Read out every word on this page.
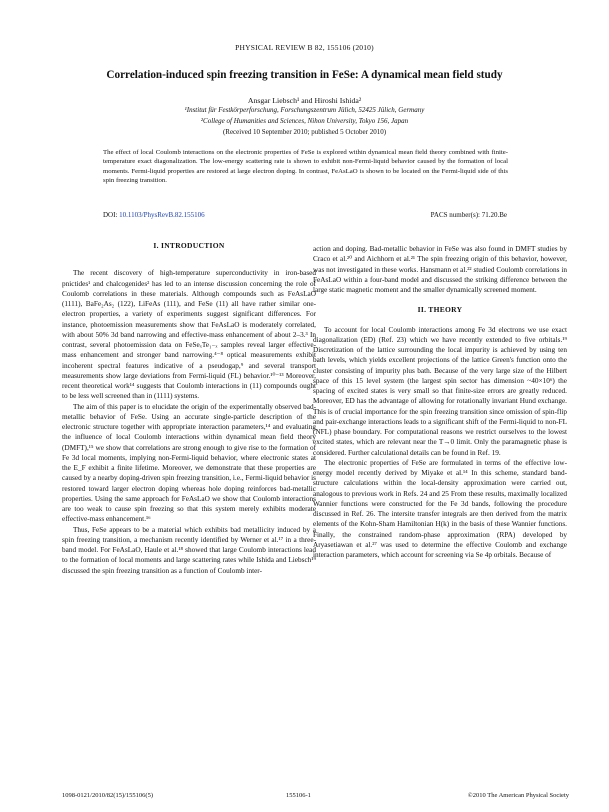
PHYSICAL REVIEW B 82, 155106 (2010)
Correlation-induced spin freezing transition in FeSe: A dynamical mean field study
Ansgar Liebsch¹ and Hiroshi Ishida²
¹Institut für Festkörperforschung, Forschungszentrum Jülich, 52425 Jülich, Germany
²College of Humanities and Sciences, Nihon University, Tokyo 156, Japan
(Received 10 September 2010; published 5 October 2010)
The effect of local Coulomb interactions on the electronic properties of FeSe is explored within dynamical mean field theory combined with finite-temperature exact diagonalization. The low-energy scattering rate is shown to exhibit non-Fermi-liquid behavior caused by the formation of local moments. Fermi-liquid properties are restored at large electron doping. In contrast, FeAsLaO is shown to be located on the Fermi-liquid side of this spin freezing transition.
DOI: 10.1103/PhysRevB.82.155106	PACS number(s): 71.20.Be
I. INTRODUCTION

The recent discovery of high-temperature superconductivity in iron-based pnictides¹ and chalcogenides² has led to an intense discussion concerning the role of Coulomb correlations in these materials. Although compounds such as FeAsLaO (1111), BaFe₂As₂ (122), LiFeAs (111), and FeSe (11) all have rather similar one-electron properties, a variety of experiments suggest significant differences. For instance, photoemission measurements show that FeAsLaO is moderately correlated, with about 50% 3d band narrowing and effective-mass enhancement of about 2–3.³ In contrast, several photoemission data on FeSeₓTe₁₋ₓ samples reveal larger effective-mass enhancement and stronger band narrowing.⁴⁻⁸ optical measurements exhibit incoherent spectral features indicative of a pseudogap,⁹ and several transport measurements show large deviations from Fermi-liquid (FL) behavior.¹⁰⁻¹³ Moreover, recent theoretical work¹⁴ suggests that Coulomb interactions in (11) compounds ought to be less well screened than in (1111) systems.

The aim of this paper is to elucidate the origin of the experimentally observed bad-metallic behavior of FeSe. Using an accurate single-particle description of the electronic structure together with appropriate interaction parameters,¹⁴ and evaluating the influence of local Coulomb interactions within dynamical mean field theory (DMFT),¹⁵ we show that correlations are strong enough to give rise to the formation of Fe 3d local moments, implying non-Fermi-liquid behavior, where electronic states at the E_F exhibit a finite lifetime. Moreover, we demonstrate that these properties are caused by a nearby doping-driven spin freezing transition, i.e., Fermi-liquid behavior is restored toward larger electron doping whereas hole doping reinforces bad-metallic properties. Using the same approach for FeAsLaO we show that Coulomb interactions are too weak to cause spin freezing so that this system merely exhibits moderate effective-mass enhancement.¹⁶

Thus, FeSe appears to be a material which exhibits bad metallicity induced by a spin freezing transition, a mechanism recently identified by Werner et al.¹⁷ in a three-band model. For FeAsLaO, Haule et al.¹⁸ showed that large Coulomb interactions lead to the formation of local moments and large scattering rates while Ishida and Liebsch¹⁹ discussed the spin freezing transition as a function of Coulomb inter-

action and doping. Bad-metallic behavior in FeSe was also found in DMFT studies by Craco et al.²⁰ and Aichhorn et al.²¹ The spin freezing origin of this behavior, however, was not investigated in these works. Hansmann et al.²² studied Coulomb correlations in FeAsLaO within a four-band model and discussed the striking difference between the large static magnetic moment and the smaller dynamically screened moment.

II. THEORY

To account for local Coulomb interactions among Fe 3d electrons we use exact diagonalization (ED) (Ref. 23) which we have recently extended to five orbitals.¹⁹ Discretization of the lattice surrounding the local impurity is achieved by using ten bath levels, which yields excellent projections of the lattice Green's function onto the cluster consisting of impurity plus bath. Because of the very large size of the Hilbert space of this 15 level system (the largest spin sector has dimension ~40×10⁶) the spacing of excited states is very small so that finite-size errors are greatly reduced. Moreover, ED has the advantage of allowing for rotationally invariant Hund exchange. This is of crucial importance for the spin freezing transition since omission of spin-flip and pair-exchange interactions leads to a significant shift of the Fermi-liquid to non-FL (NFL) phase boundary. For computational reasons we restrict ourselves to the lowest excited states, which are relevant near the T→0 limit. Only the paramagnetic phase is considered. Further calculational details can be found in Ref. 19.

The electronic properties of FeSe are formulated in terms of the effective low-energy model recently derived by Miyake et al.¹⁴ In this scheme, standard band-structure calculations within the local-density approximation were carried out, analogous to previous work in Refs. 24 and 25 From these results, maximally localized Wannier functions were constructed for the Fe 3d bands, following the procedure discussed in Ref. 26. The intersite transfer integrals are then derived from the matrix elements of the Kohn-Sham Hamiltonian H(k) in the basis of these Wannier functions. Finally, the constrained random-phase approximation (RPA) developed by Aryasetiawan et al.²⁷ was used to determine the effective Coulomb and exchange interaction parameters, which account for screening via Se 4p orbitals. Because of

1098-0121/2010/82(15)/155106(5)	155106-1	©2010 The American Physical Society
